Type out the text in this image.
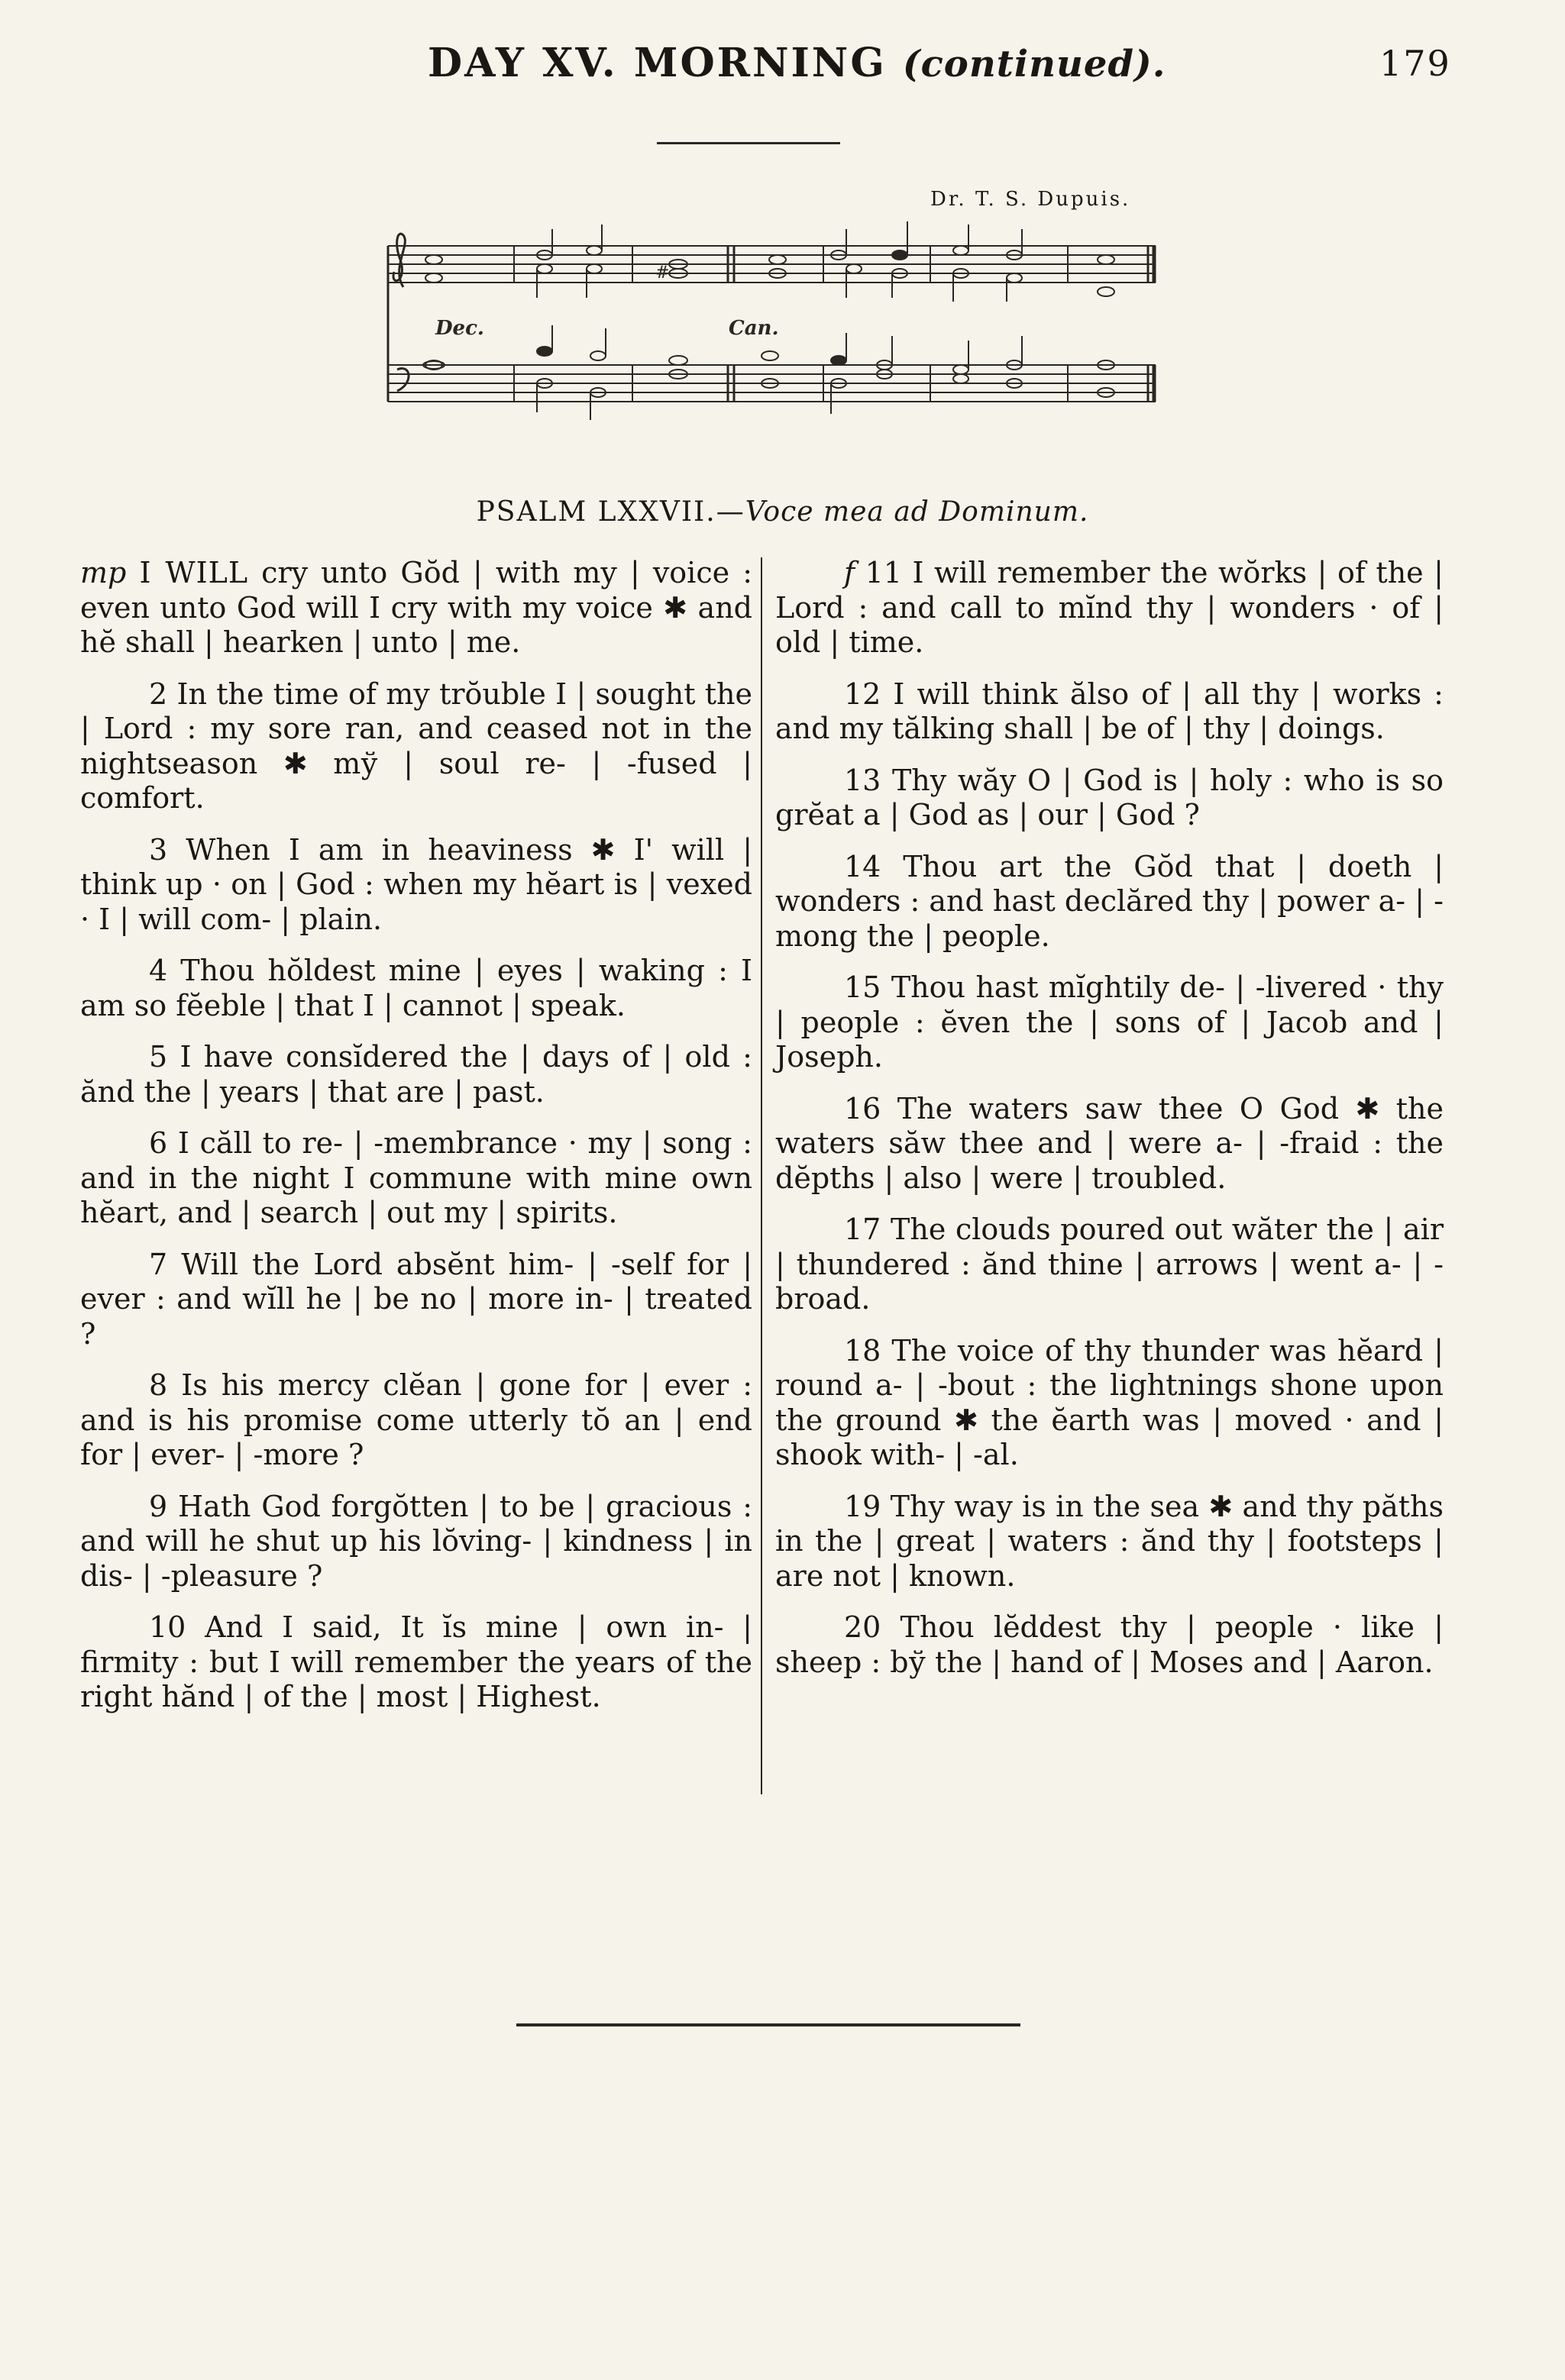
DAY XV. MORNING (continued).	179
Dr. T. S. Dupuis.
#
Dec.	Can.
PSALM LXXVII.—Voce mea ad Dominum.

mp I WILL cry unto Gŏd | with my | voice : even unto God will I cry with my voice ✱ and hĕ shall | hearken | unto | me.

2 In the time of my trŏuble I | sought the | Lord : my sore ran, and ceased not in the nightseason ✱ mў | soul re- | -fused | comfort.

3 When I am in heaviness ✱ I' will | think up · on | God : when my hĕart is | vexed · I | will com- | plain.

4 Thou hŏldest mine | eyes | waking : I am so fĕeble | that I | cannot | speak.

5 I have consĭdered the | days of | old : ănd the | years | that are | past.

6 I căll to re- | -membrance · my | song : and in the night I commune with mine own hĕart, and | search | out my | spirits.

7 Will the Lord absĕnt him- | -self for | ever : and wĭll he | be no | more in- | treated ?

8 Is his mercy clĕan | gone for | ever : and is his promise come utterly tŏ an | end for | ever- | -more ?

9 Hath God forgŏtten | to be | gracious : and will he shut up his lŏving- | kindness | in dis- | -pleasure ?

10 And I said, It ĭs mine | own in- | firmity : but I will remember the years of the right hănd | of the | most | Highest.

f 11 I will remember the wŏrks | of the | Lord : and call to mĭnd thy | wonders · of | old | time.

12 I will think ălso of | all thy | works : and my tălking shall | be of | thy | doings.

13 Thy wăy O | God is | holy : who is so grĕat a | God as | our | God ?

14 Thou art the Gŏd that | doeth | wonders : and hast declăred thy | power a- | -mong the | people.

15 Thou hast mĭghtily de- | -livered · thy | people : ĕven the | sons of | Jacob and | Joseph.

16 The waters saw thee O God ✱ the waters săw thee and | were a- | -fraid : the dĕpths | also | were | troubled.

17 The clouds poured out wăter the | air | thundered : ănd thine | arrows | went a- | -broad.

18 The voice of thy thunder was hĕard | round a- | -bout : the lightnings shone upon the ground ✱ the ĕarth was | moved · and | shook with- | -al.

19 Thy way is in the sea ✱ and thy păths in the | great | waters : ănd thy | footsteps | are not | known.

20 Thou lĕddest thy | people · like | sheep : bў the | hand of | Moses and | Aaron.
